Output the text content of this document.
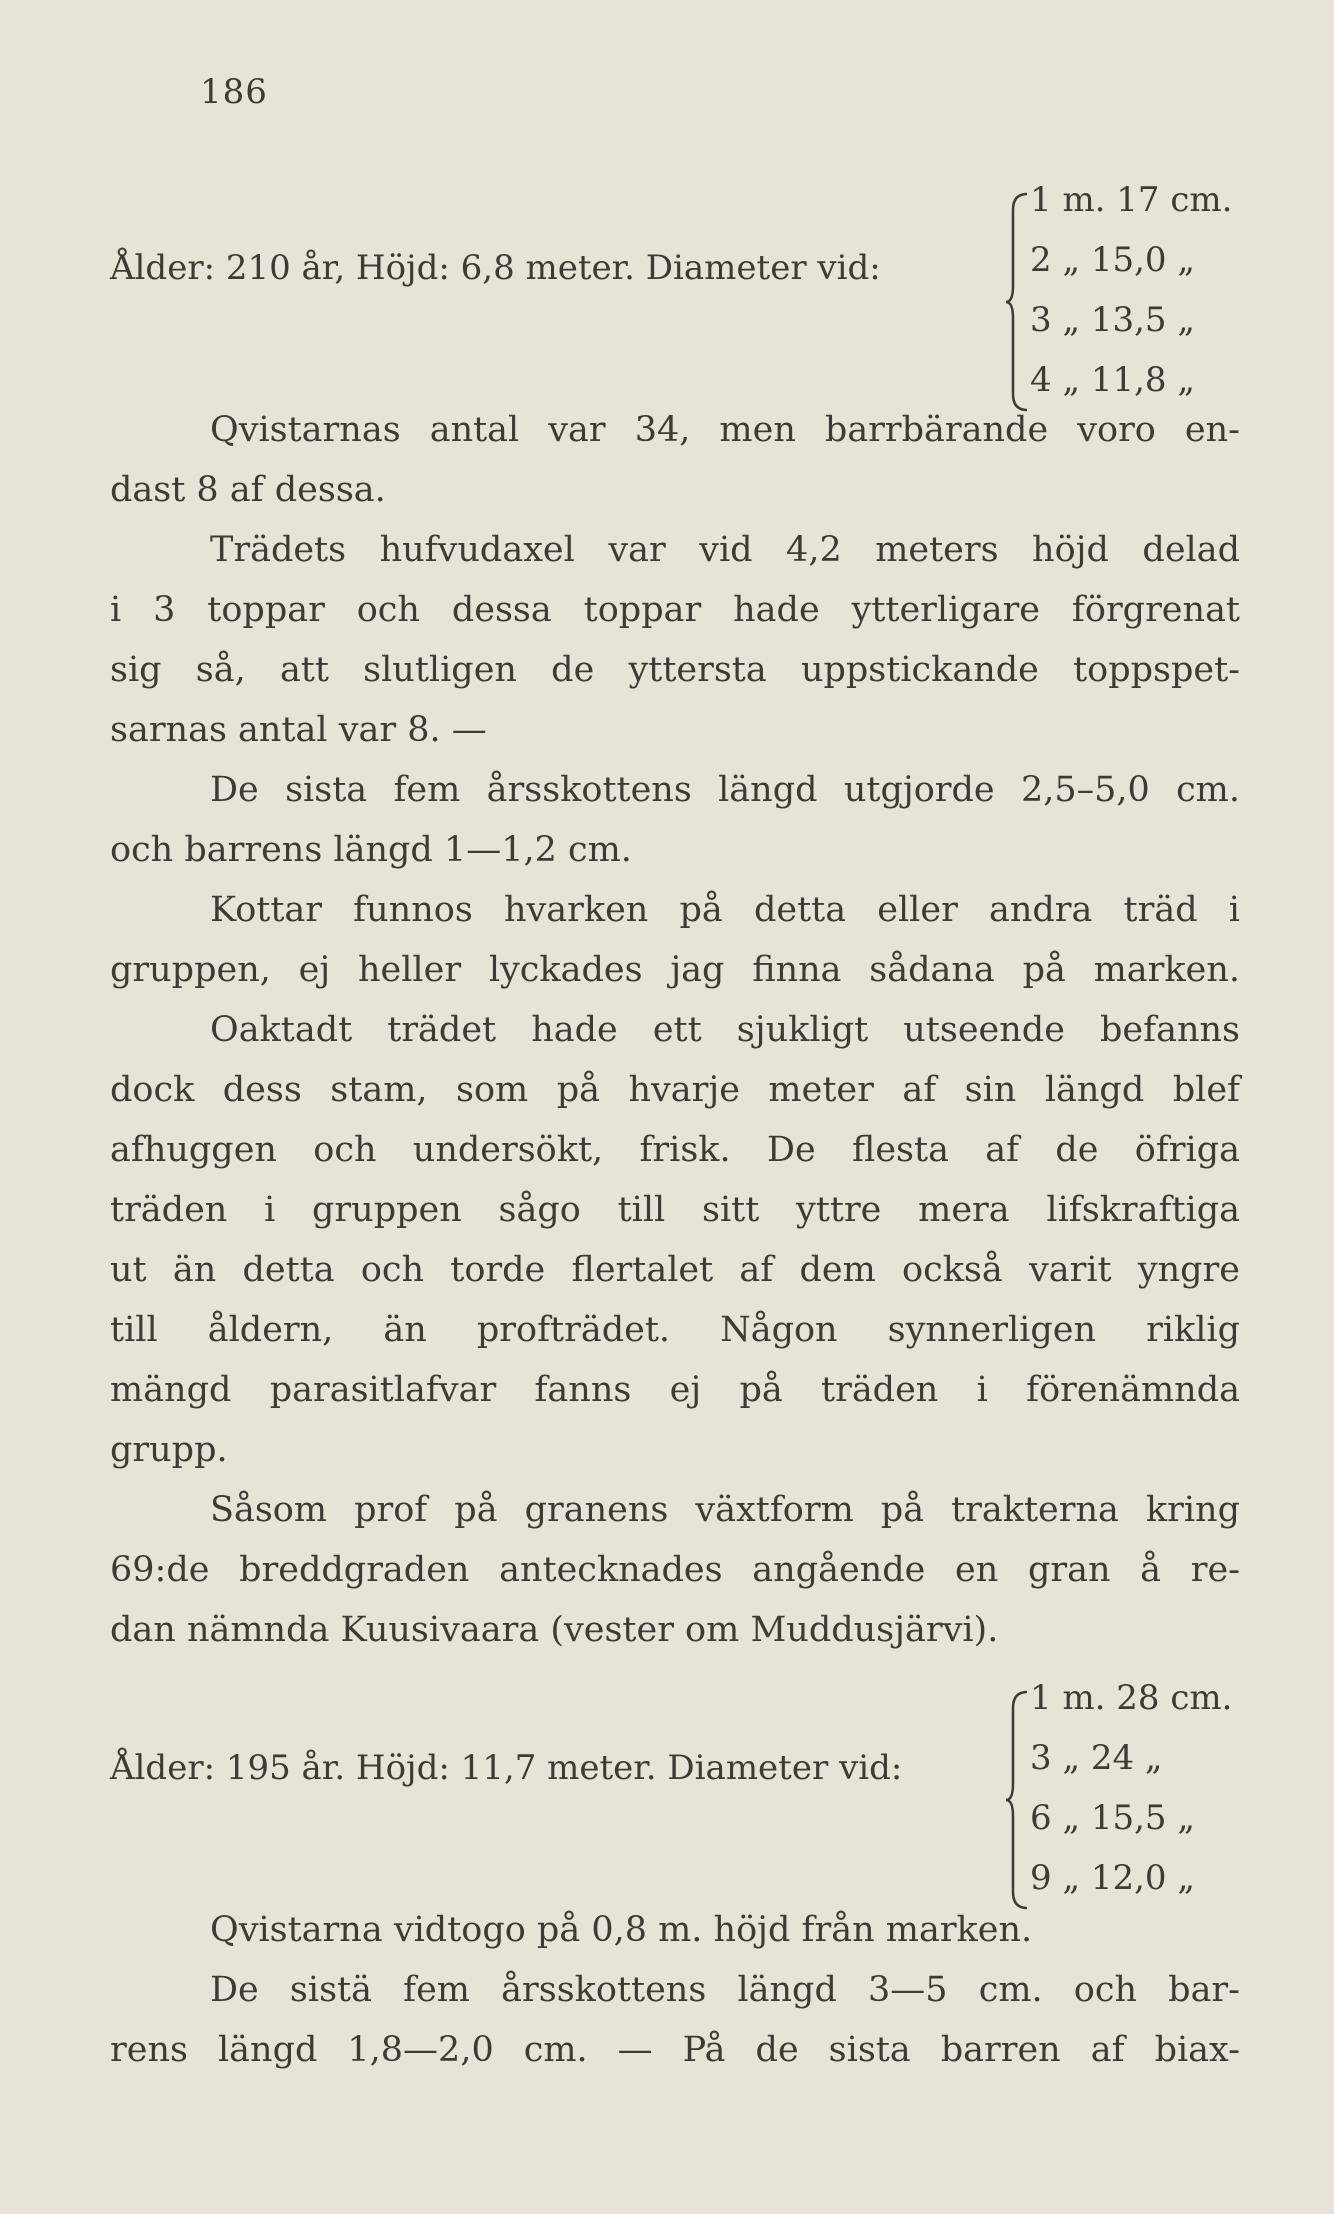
186
Ålder: 210 år, Höjd: 6,8 meter. Diameter vid:
1 m. 17 cm.
2 „ 15,0 „
3 „ 13,5 „
4 „ 11,8 „
Qvistarnas antal var 34, men barrbärande voro en-
dast 8 af dessa.
Trädets hufvudaxel var vid 4,2 meters höjd delad
i 3 toppar och dessa toppar hade ytterligare förgrenat
sig så, att slutligen de yttersta uppstickande toppspet-
sarnas antal var 8. —
De sista fem årsskottens längd utgjorde 2,5–5,0 cm.
och barrens längd 1—1,2 cm.
Kottar funnos hvarken på detta eller andra träd i
gruppen, ej heller lyckades jag finna sådana på marken.
Oaktadt trädet hade ett sjukligt utseende befanns
dock dess stam, som på hvarje meter af sin längd blef
afhuggen och undersökt, frisk. De flesta af de öfriga
träden i gruppen sågo till sitt yttre mera lifskraftiga
ut än detta och torde flertalet af dem också varit yngre
till åldern, än profträdet. Någon synnerligen riklig
mängd parasitlafvar fanns ej på träden i förenämnda
grupp.
Såsom prof på granens växtform på trakterna kring
69:de breddgraden antecknades angående en gran å re-
dan nämnda Kuusivaara (vester om Muddusjärvi).
Ålder: 195 år. Höjd: 11,7 meter. Diameter vid:
1 m. 28 cm.
3 „ 24 „
6 „ 15,5 „
9 „ 12,0 „
Qvistarna vidtogo på 0,8 m. höjd från marken.
De sistä fem årsskottens längd 3—5 cm. och bar-
rens längd 1,8—2,0 cm. — På de sista barren af biax-
